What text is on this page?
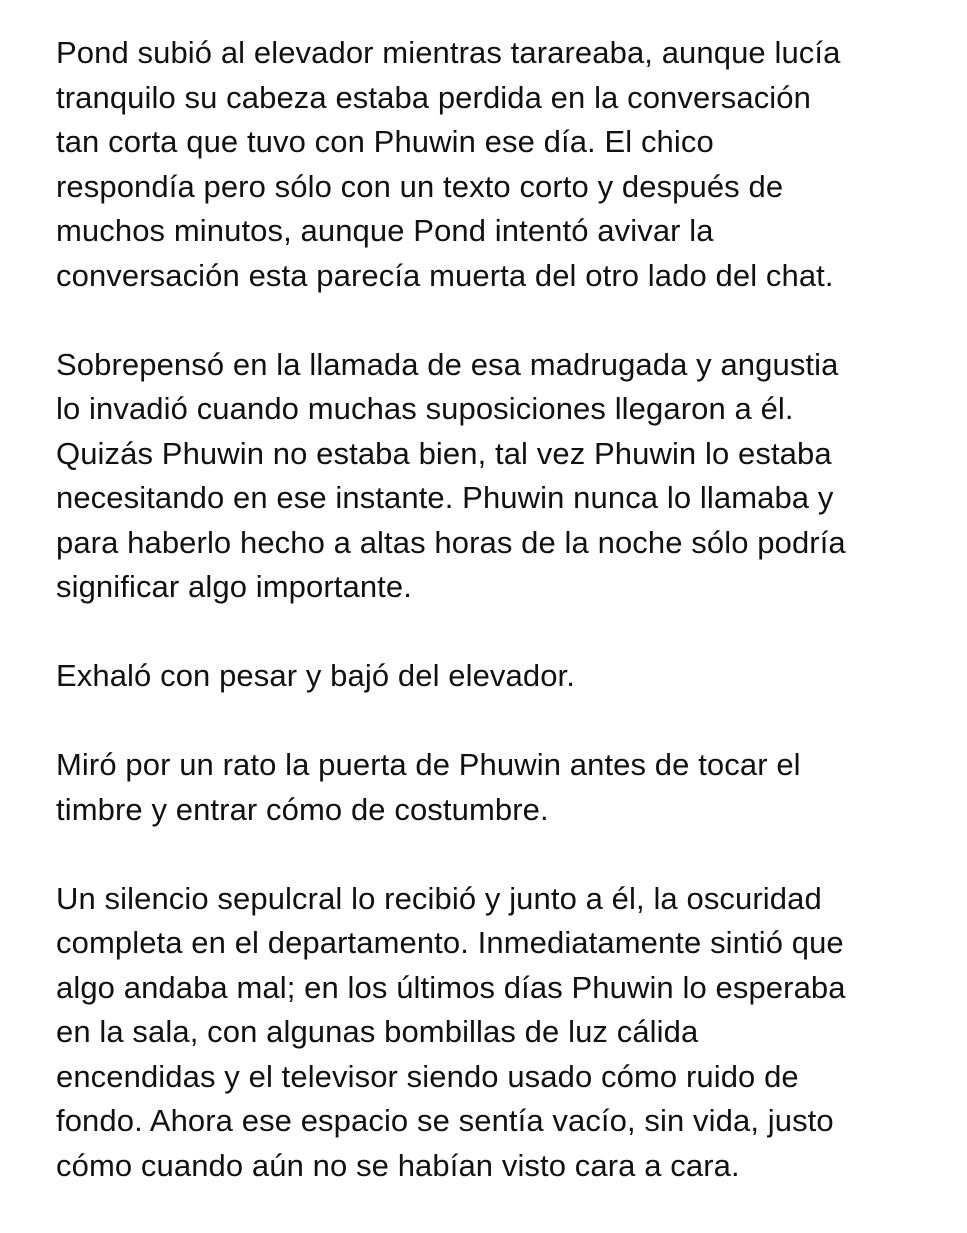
Pond subió al elevador mientras tarareaba, aunque lucía
tranquilo su cabeza estaba perdida en la conversación
tan corta que tuvo con Phuwin ese día. El chico
respondía pero sólo con un texto corto y después de
muchos minutos, aunque Pond intentó avivar la
conversación esta parecía muerta del otro lado del chat.

Sobrepensó en la llamada de esa madrugada y angustia
lo invadió cuando muchas suposiciones llegaron a él.
Quizás Phuwin no estaba bien, tal vez Phuwin lo estaba
necesitando en ese instante. Phuwin nunca lo llamaba y
para haberlo hecho a altas horas de la noche sólo podría
significar algo importante.

Exhaló con pesar y bajó del elevador.

Miró por un rato la puerta de Phuwin antes de tocar el
timbre y entrar cómo de costumbre.

Un silencio sepulcral lo recibió y junto a él, la oscuridad
completa en el departamento. Inmediatamente sintió que
algo andaba mal; en los últimos días Phuwin lo esperaba
en la sala, con algunas bombillas de luz cálida
encendidas y el televisor siendo usado cómo ruido de
fondo. Ahora ese espacio se sentía vacío, sin vida, justo
cómo cuando aún no se habían visto cara a cara.
